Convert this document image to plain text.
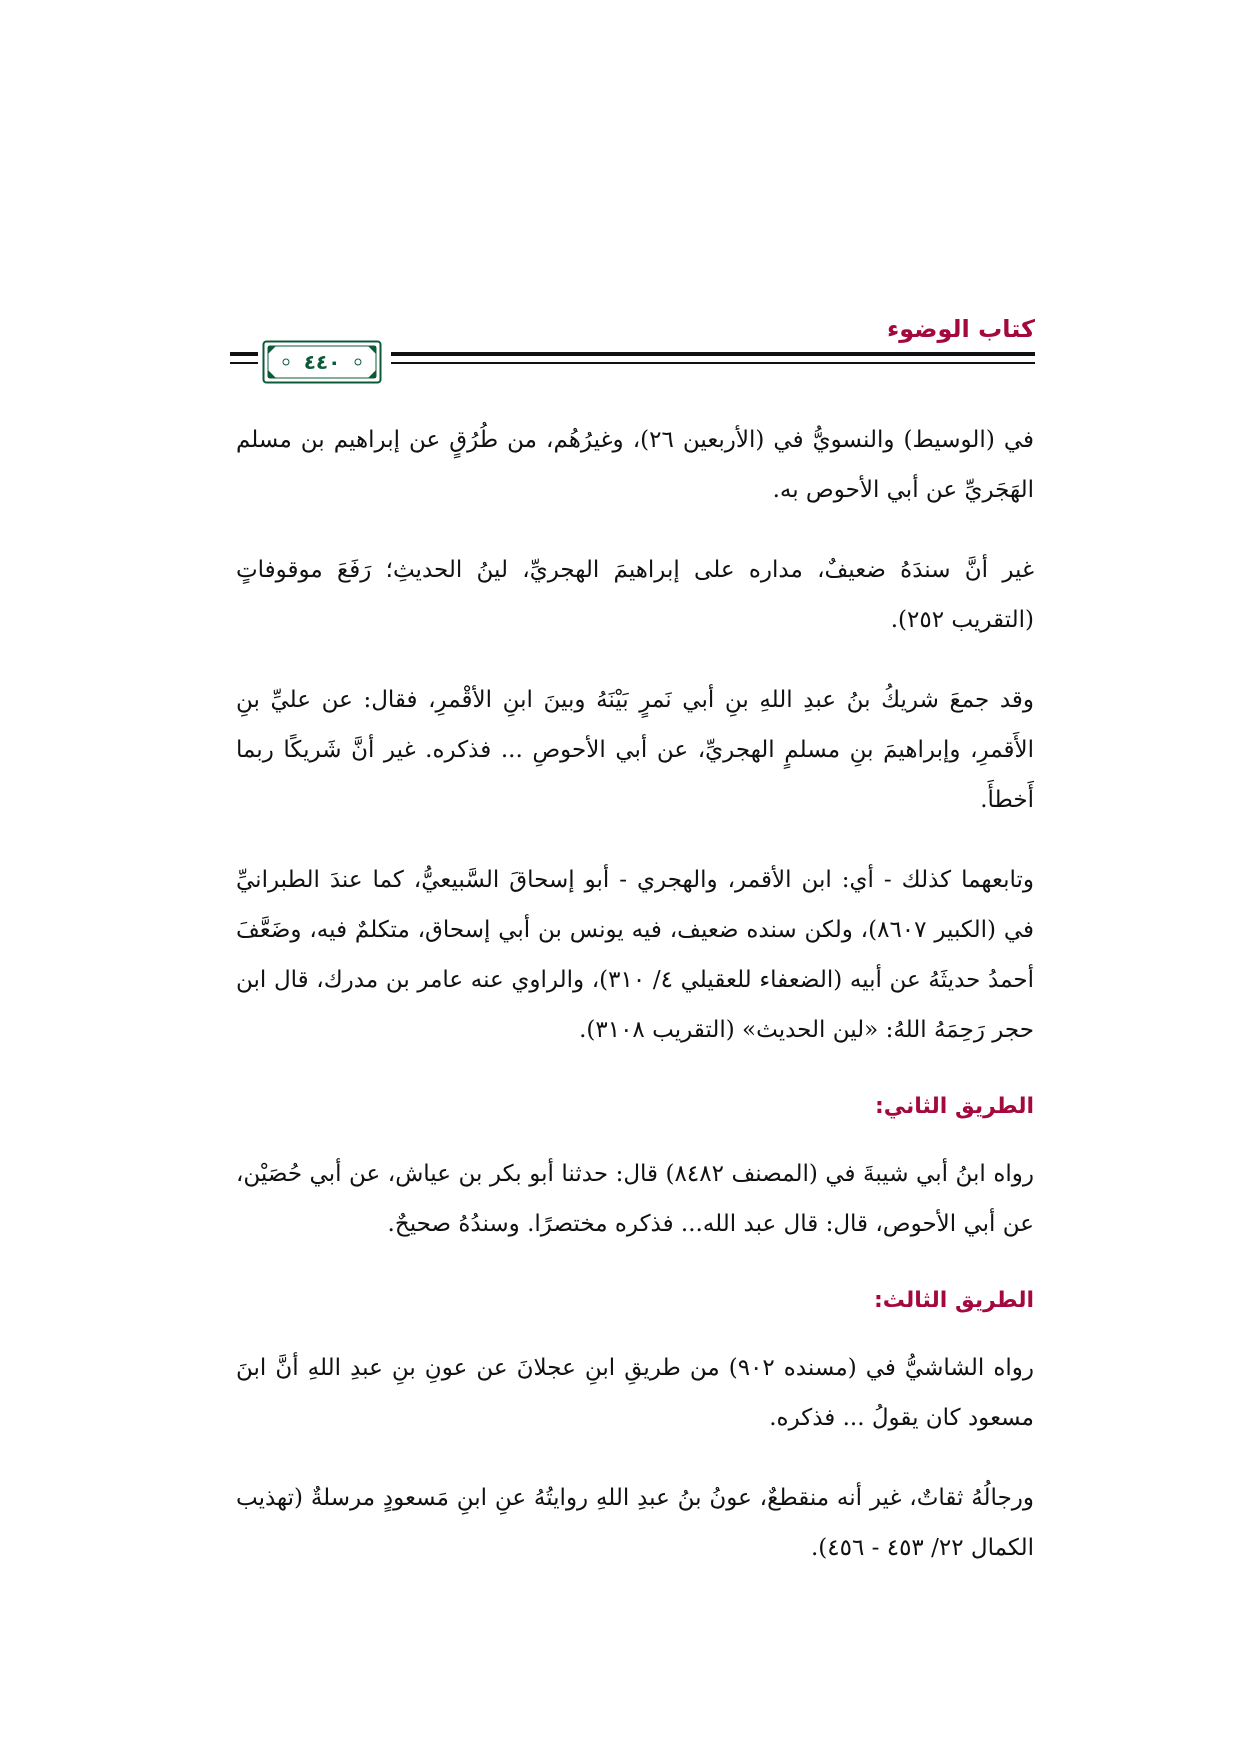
كتاب الوضوء
٤٤٠

في (الوسيط) والنسويُّ في (الأربعين ٢٦)، وغيرُهُم، من طُرُقٍ عن إبراهيم بن مسلم الهَجَريِّ عن أبي الأحوص به.

غير أنَّ سندَهُ ضعيفٌ، مداره على إبراهيمَ الهجريِّ، لينُ الحديثِ؛ رَفَعَ موقوفاتٍ (التقريب ٢٥٢).

وقد جمعَ شريكُ بنُ عبدِ اللهِ بنِ أبي نَمرٍ بَيْنَهُ وبينَ ابنِ الأقْمرِ، فقال: عن عليِّ بنِ الأَقمرِ، وإبراهيمَ بنِ مسلمٍ الهجريِّ، عن أبي الأحوصِ ... فذكره. غير أنَّ شَريكًا ربما أَخطأَ.

وتابعهما كذلك - أي: ابن الأقمر، والهجري - أبو إسحاقَ السَّبيعيُّ، كما عندَ الطبرانيِّ في (الكبير ٨٦٠٧)، ولكن سنده ضعيف، فيه يونس بن أبي إسحاق، متكلمٌ فيه، وضَعَّفَ أحمدُ حديثَهُ عن أبيه (الضعفاء للعقيلي ٤/ ٣١٠)، والراوي عنه عامر بن مدرك، قال ابن حجر رَحِمَهُ اللهُ: «لين الحديث» (التقريب ٣١٠٨).

الطريق الثاني:

رواه ابنُ أبي شيبةَ في (المصنف ٨٤٨٢) قال: حدثنا أبو بكر بن عياش، عن أبي حُصَيْن، عن أبي الأحوص، قال: قال عبد الله... فذكره مختصرًا. وسندُهُ صحيحٌ.

الطريق الثالث:

رواه الشاشيُّ في (مسنده ٩٠٢) من طريقِ ابنِ عجلانَ عن عونِ بنِ عبدِ اللهِ أنَّ ابنَ مسعود كان يقولُ ... فذكره.

ورجالُهُ ثقاتٌ، غير أنه منقطعٌ، عونُ بنُ عبدِ اللهِ روايتُهُ عنِ ابنِ مَسعودٍ مرسلةٌ (تهذيب الكمال ٢٢/ ٤٥٣ - ٤٥٦).
